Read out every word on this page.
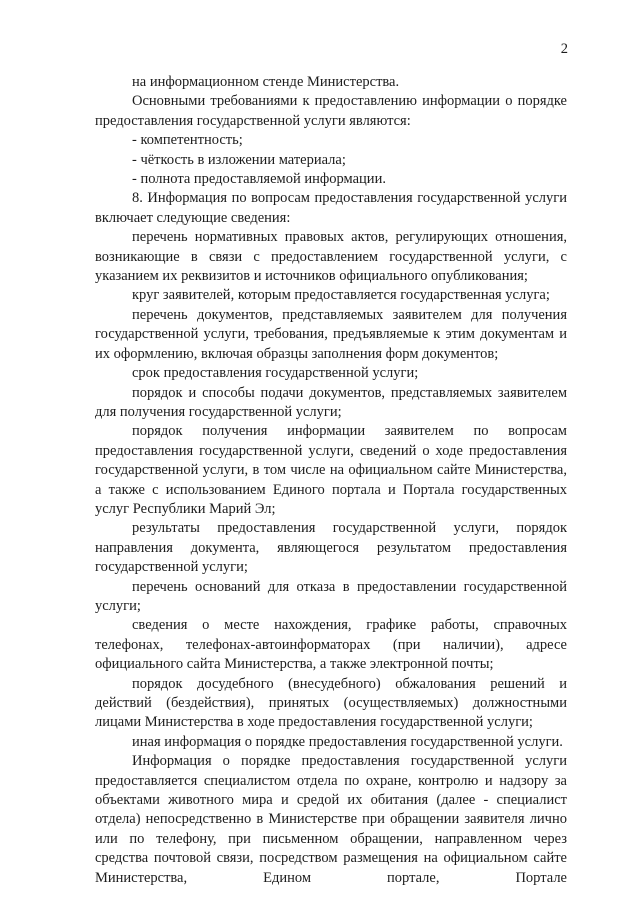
2

на информационном стенде Министерства.

Основными требованиями к предоставлению информации о порядке предоставления государственной услуги являются:

- компетентность;

- чёткость в изложении материала;

- полнота предоставляемой информации.

8. Информация по вопросам предоставления государственной услуги включает следующие сведения:

перечень нормативных правовых актов, регулирующих отношения, возникающие в связи с предоставлением государственной услуги, с указанием их реквизитов и источников официального опубликования;

круг заявителей, которым предоставляется государственная услуга;

перечень документов, представляемых заявителем для получения государственной услуги, требования, предъявляемые к этим документам и их оформлению, включая образцы заполнения форм документов;

срок предоставления государственной услуги;

порядок и способы подачи документов, представляемых заявителем для получения государственной услуги;

порядок получения информации заявителем по вопросам предоставления государственной услуги, сведений о ходе предоставления государственной услуги, в том числе на официальном сайте Министерства, а также с использованием Единого портала и Портала государственных услуг Республики Марий Эл;

результаты предоставления государственной услуги, порядок направления документа, являющегося результатом предоставления государственной услуги;

перечень оснований для отказа в предоставлении государственной услуги;

сведения о месте нахождения, графике работы, справочных телефонах, телефонах-автоинформаторах (при наличии), адресе официального сайта Министерства, а также электронной почты;

порядок досудебного (внесудебного) обжалования решений и действий (бездействия), принятых (осуществляемых) должностными лицами Министерства в ходе предоставления государственной услуги;

иная информация о порядке предоставления государственной услуги.

Информация о порядке предоставления государственной услуги предоставляется специалистом отдела по охране, контролю и надзору за объектами животного мира и средой их обитания (далее - специалист отдела) непосредственно в Министерстве при обращении заявителя лично или по телефону, при письменном обращении, направленном через средства почтовой связи, посредством размещения на официальном сайте Министерства, Едином портале, Портале
